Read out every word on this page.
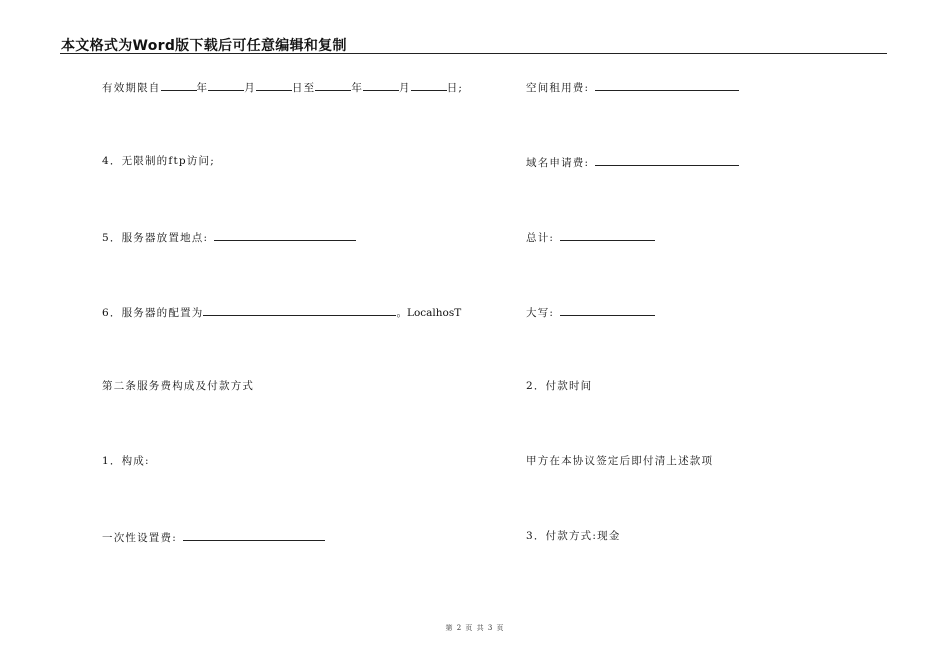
本文格式为Word版下载后可任意编辑和复制
有效期限自	年	月	日至	年	月	日;
4．无限制的ftp访问;
5．服务器放置地点:
6．服务器的配置为	。LocalhosT
第二条服务费构成及付款方式
1．构成:
一次性设置费:
空间租用费:
域名申请费:
总计:
大写:
2．付款时间
甲方在本协议签定后即付清上述款项
3．付款方式:现金
第 2 页 共 3 页
